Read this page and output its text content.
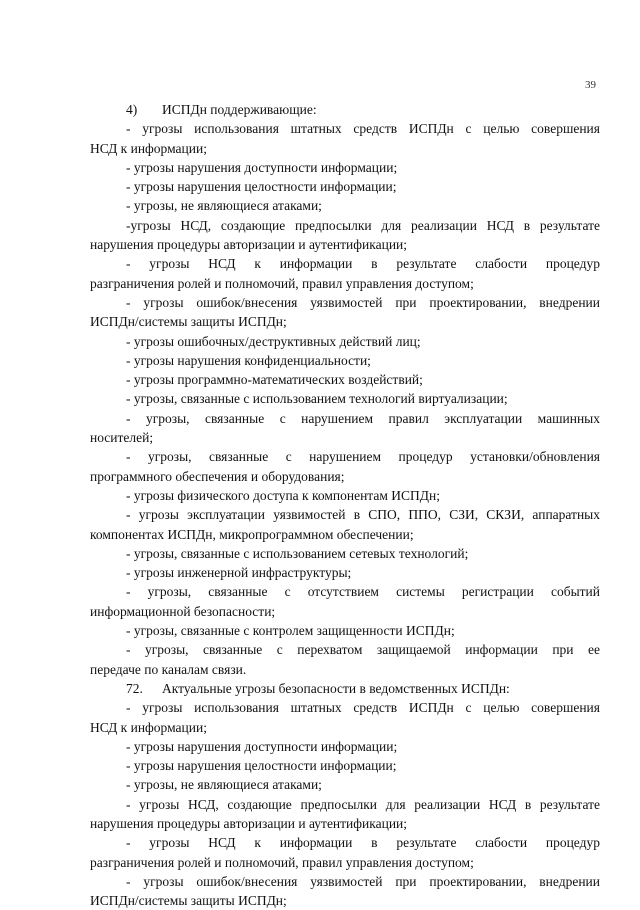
39
4) ИСПДн поддерживающие:
- угрозы использования штатных средств ИСПДн с целью совершения
НСД к информации;
- угрозы нарушения доступности информации;
- угрозы нарушения целостности информации;
- угрозы, не являющиеся атаками;
-угрозы НСД, создающие предпосылки для реализации НСД в результате
нарушения процедуры авторизации и аутентификации;
- угрозы НСД к информации в результате слабости процедур
разграничения ролей и полномочий, правил управления доступом;
- угрозы ошибок/внесения уязвимостей при проектировании, внедрении
ИСПДн/системы защиты ИСПДн;
- угрозы ошибочных/деструктивных действий лиц;
- угрозы нарушения конфиденциальности;
- угрозы программно-математических воздействий;
- угрозы, связанные с использованием технологий виртуализации;
- угрозы, связанные с нарушением правил эксплуатации машинных
носителей;
- угрозы, связанные с нарушением процедур установки/обновления
программного обеспечения и оборудования;
- угрозы физического доступа к компонентам ИСПДн;
- угрозы эксплуатации уязвимостей в СПО, ППО, СЗИ, СКЗИ, аппаратных
компонентах ИСПДн, микропрограммном обеспечении;
- угрозы, связанные с использованием сетевых технологий;
- угрозы инженерной инфраструктуры;
- угрозы, связанные с отсутствием системы регистрации событий
информационной безопасности;
- угрозы, связанные с контролем защищенности ИСПДн;
- угрозы, связанные с перехватом защищаемой информации при ее
передаче по каналам связи.
72. Актуальные угрозы безопасности в ведомственных ИСПДн:
- угрозы использования штатных средств ИСПДн с целью совершения
НСД к информации;
- угрозы нарушения доступности информации;
- угрозы нарушения целостности информации;
- угрозы, не являющиеся атаками;
- угрозы НСД, создающие предпосылки для реализации НСД в результате
нарушения процедуры авторизации и аутентификации;
- угрозы НСД к информации в результате слабости процедур
разграничения ролей и полномочий, правил управления доступом;
- угрозы ошибок/внесения уязвимостей при проектировании, внедрении
ИСПДн/системы защиты ИСПДн;
